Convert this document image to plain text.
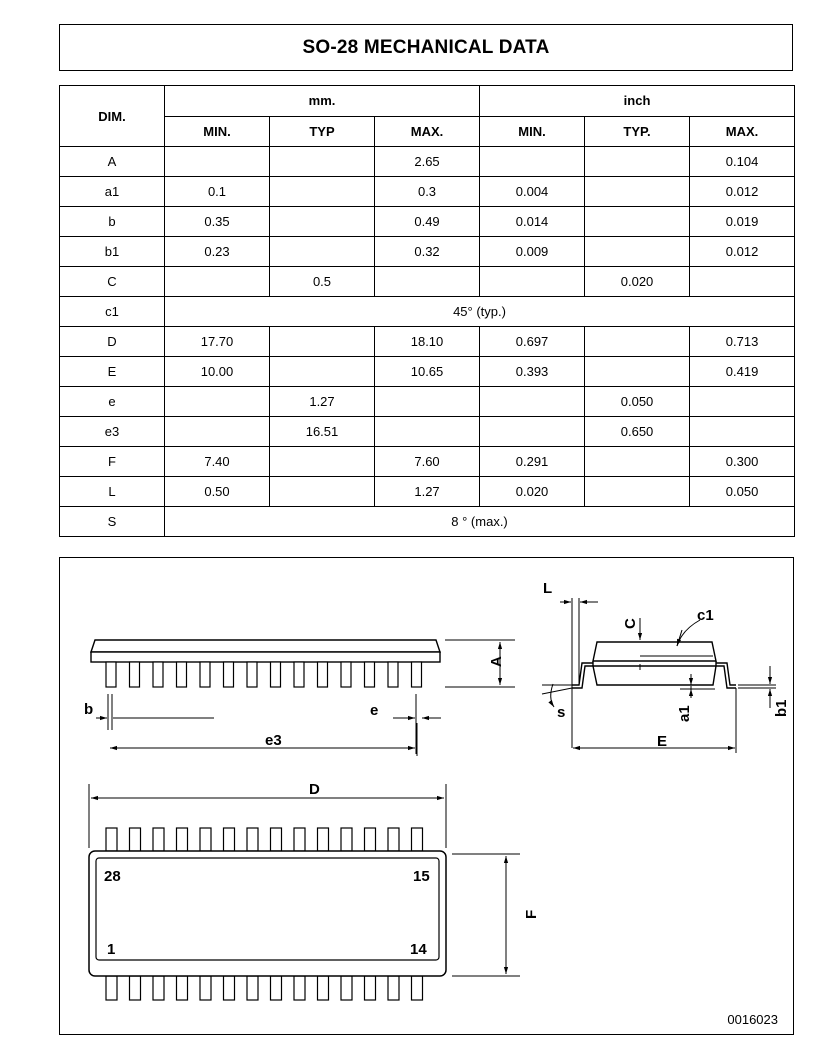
SO-28 MECHANICAL DATA
DIM.	mm.			inch		
	MIN.	TYP	MAX.	MIN.	TYP.	MAX.
A			2.65			0.104
a1	0.1		0.3	0.004		0.012
b	0.35		0.49	0.014		0.019
b1	0.23		0.32	0.009		0.012
C		0.5			0.020	
c1	45° (typ.)					
D	17.70		18.10	0.697		0.713
E	10.00		10.65	0.393		0.419
e		1.27			0.050	
e3		16.51			0.650	
F	7.40		7.60	0.291		0.300
L	0.50		1.27	0.020		0.050
S	8 ° (max.)					
A
b	e
e3
L
C	c1
s	a1	b1
E
D
F
28	15
1	14
0016023
